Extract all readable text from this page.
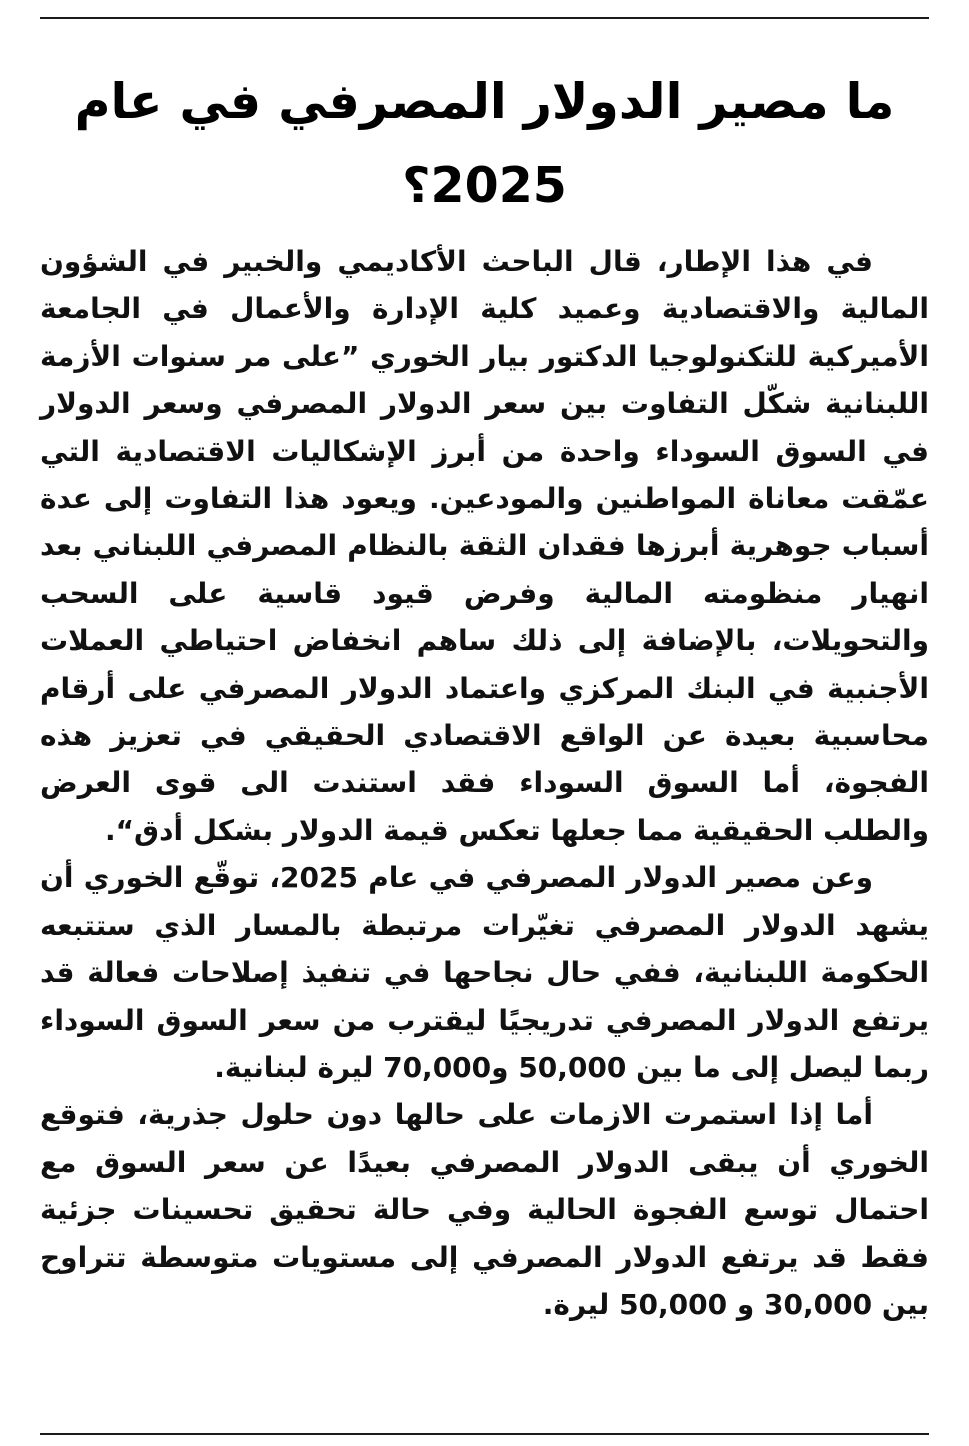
ما مصير الدولار المصرفي في عام 2025؟

في هذا الإطار، قال الباحث الأكاديمي والخبير في الشؤون المالية والاقتصادية وعميد كلية الإدارة والأعمال في الجامعة الأميركية للتكنولوجيا الدكتور بيار الخوري ”على مر سنوات الأزمة اللبنانية شكّل التفاوت بين سعر الدولار المصرفي وسعر الدولار في السوق السوداء واحدة من أبرز الإشكاليات الاقتصادية التي عمّقت معاناة المواطنين والمودعين. ويعود هذا التفاوت إلى عدة أسباب جوهرية أبرزها فقدان الثقة بالنظام المصرفي اللبناني بعد انهيار منظومته المالية وفرض قيود قاسية على السحب والتحويلات، بالإضافة إلى ذلك ساهم انخفاض احتياطي العملات الأجنبية في البنك المركزي واعتماد الدولار المصرفي على أرقام محاسبية بعيدة عن الواقع الاقتصادي الحقيقي في تعزيز هذه الفجوة، أما السوق السوداء فقد استندت الى قوى العرض والطلب الحقيقية مما جعلها تعكس قيمة الدولار بشكل أدق“.

وعن مصير الدولار المصرفي في عام 2025، توقّع الخوري أن يشهد الدولار المصرفي تغيّرات مرتبطة بالمسار الذي ستتبعه الحكومة اللبنانية، ففي حال نجاحها في تنفيذ إصلاحات فعالة قد يرتفع الدولار المصرفي تدريجيًا ليقترب من سعر السوق السوداء ربما ليصل إلى ما بين 50,000 و70,000 ليرة لبنانية.

أما إذا استمرت الازمات على حالها دون حلول جذرية، فتوقع الخوري أن يبقى الدولار المصرفي بعيدًا عن سعر السوق مع احتمال توسع الفجوة الحالية وفي حالة تحقيق تحسينات جزئية فقط قد يرتفع الدولار المصرفي إلى مستويات متوسطة تتراوح بين 30,000 و 50,000 ليرة.
